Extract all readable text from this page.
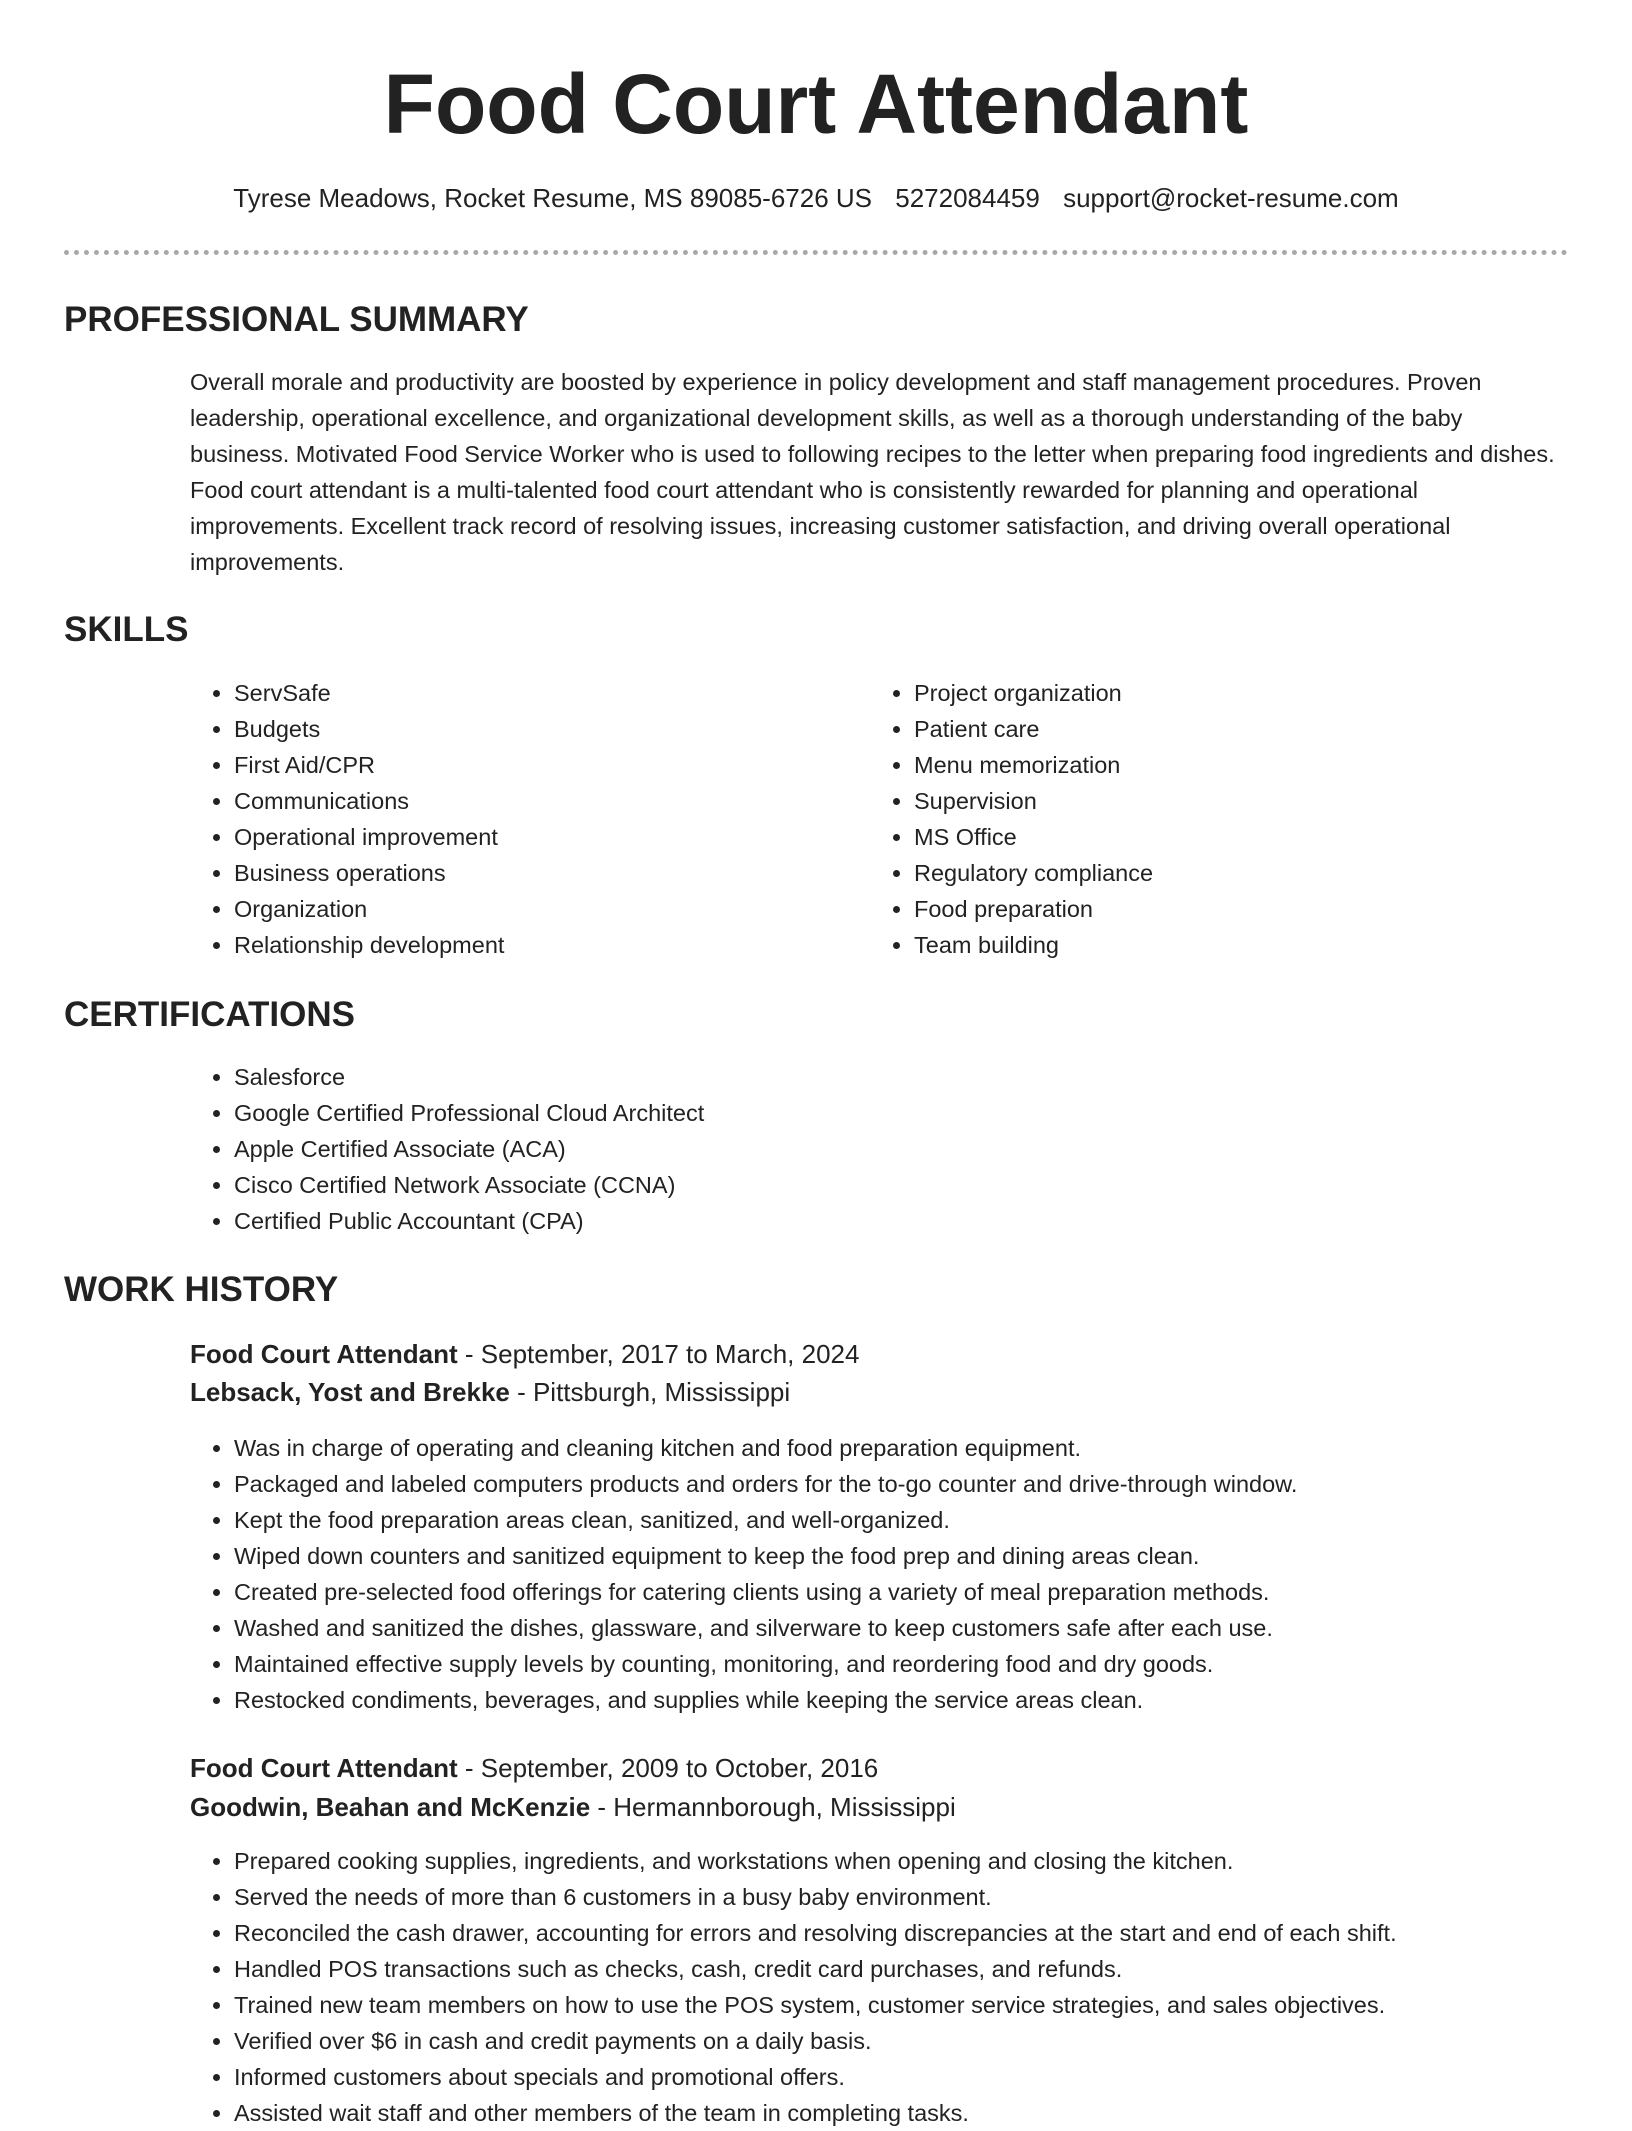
Food Court Attendant
Tyrese Meadows, Rocket Resume, MS 89085-6726 US 5272084459 support@rocket-resume.com
PROFESSIONAL SUMMARY

Overall morale and productivity are boosted by experience in policy development and staff management procedures. Proven leadership, operational excellence, and organizational development skills, as well as a thorough understanding of the baby business. Motivated Food Service Worker who is used to following recipes to the letter when preparing food ingredients and dishes. Food court attendant is a multi-talented food court attendant who is consistently rewarded for planning and operational improvements. Excellent track record of resolving issues, increasing customer satisfaction, and driving overall operational improvements.

SKILLS
• ServSafe
• Budgets
• First Aid/CPR
• Communications
• Operational improvement
• Business operations
• Organization
• Relationship development
• Project organization
• Patient care
• Menu memorization
• Supervision
• MS Office
• Regulatory compliance
• Food preparation
• Team building
CERTIFICATIONS
• Salesforce
• Google Certified Professional Cloud Architect
• Apple Certified Associate (ACA)
• Cisco Certified Network Associate (CCNA)
• Certified Public Accountant (CPA)
WORK HISTORY
Food Court Attendant - September, 2017 to March, 2024
Lebsack, Yost and Brekke - Pittsburgh, Mississippi
• Was in charge of operating and cleaning kitchen and food preparation equipment.
• Packaged and labeled computers products and orders for the to-go counter and drive-through window.
• Kept the food preparation areas clean, sanitized, and well-organized.
• Wiped down counters and sanitized equipment to keep the food prep and dining areas clean.
• Created pre-selected food offerings for catering clients using a variety of meal preparation methods.
• Washed and sanitized the dishes, glassware, and silverware to keep customers safe after each use.
• Maintained effective supply levels by counting, monitoring, and reordering food and dry goods.
• Restocked condiments, beverages, and supplies while keeping the service areas clean.
Food Court Attendant - September, 2009 to October, 2016
Goodwin, Beahan and McKenzie - Hermannborough, Mississippi
• Prepared cooking supplies, ingredients, and workstations when opening and closing the kitchen.
• Served the needs of more than 6 customers in a busy baby environment.
• Reconciled the cash drawer, accounting for errors and resolving discrepancies at the start and end of each shift.
• Handled POS transactions such as checks, cash, credit card purchases, and refunds.
• Trained new team members on how to use the POS system, customer service strategies, and sales objectives.
• Verified over $6 in cash and credit payments on a daily basis.
• Informed customers about specials and promotional offers.
• Assisted wait staff and other members of the team in completing tasks.
